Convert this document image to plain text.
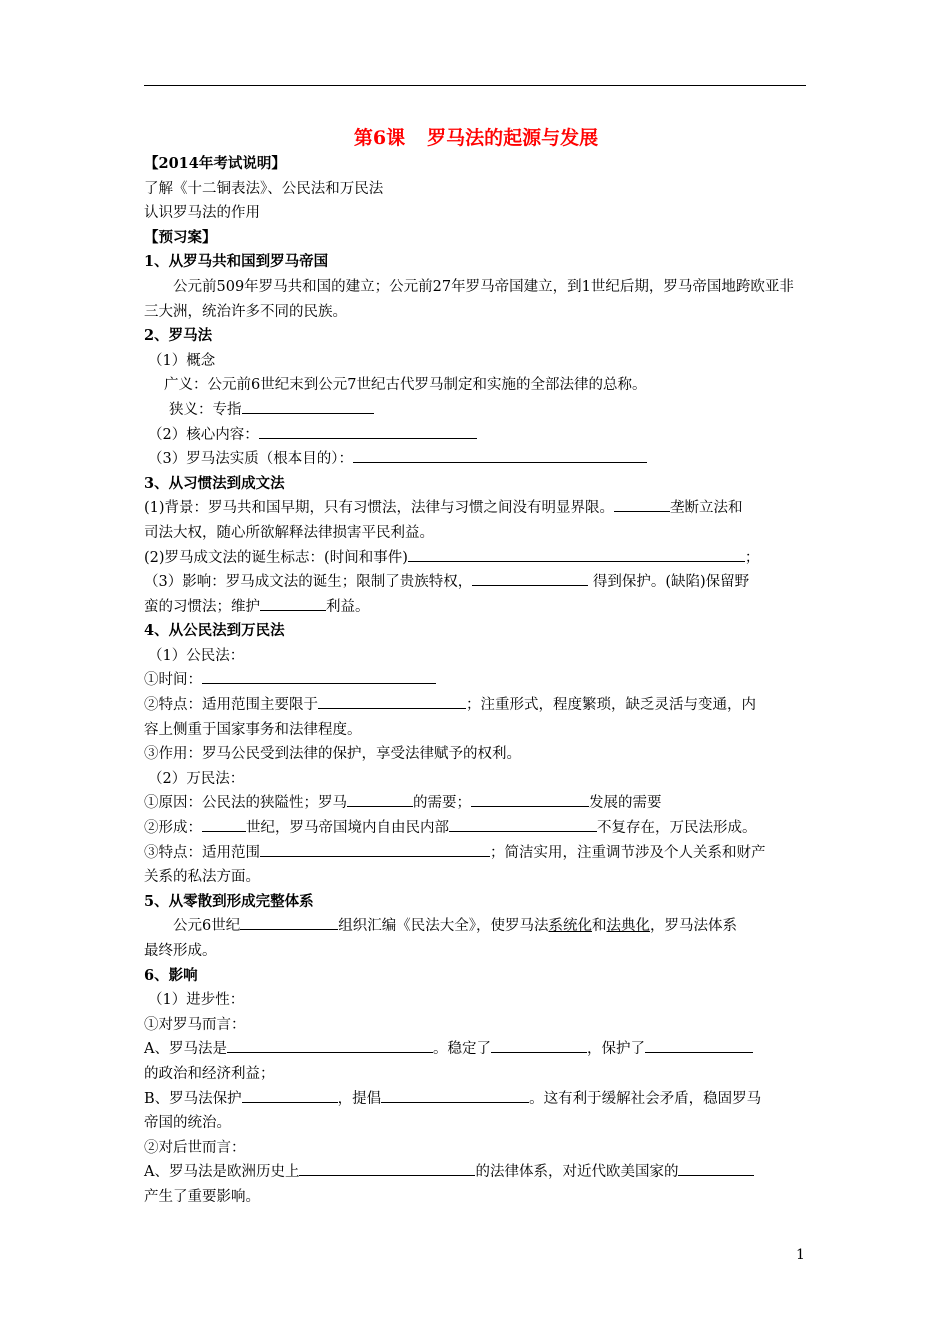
第6课 罗马法的起源与发展

【2014年考试说明】

了解《十二铜表法》、公民法和万民法

认识罗马法的作用

【预习案】

1、从罗马共和国到罗马帝国

公元前509年罗马共和国的建立；公元前27年罗马帝国建立，到1世纪后期，罗马帝国地跨欧亚非三大洲，统治许多不同的民族。

2、罗马法

（1）概念

广义：公元前6世纪末到公元7世纪古代罗马制定和实施的全部法律的总称。

狭义：专指

（2）核心内容：

（3）罗马法实质（根本目的）：

3、从习惯法到成文法

(1)背景：罗马共和国早期，只有习惯法，法律与习惯之间没有明显界限。	垄断立法和

司法大权，随心所欲解释法律损害平民利益。

(2)罗马成文法的诞生标志：(时间和事件)	；

（3）影响：罗马成文法的诞生；限制了贵族特权，	得到保护。(缺陷)保留野

蛮的习惯法；维护	利益。

4、从公民法到万民法

（1）公民法：

①时间：

②特点：适用范围主要限于	；注重形式，程度繁琐，缺乏灵活与变通，内

容上侧重于国家事务和法律程度。

③作用：罗马公民受到法律的保护，享受法律赋予的权利。

（2）万民法：

①原因：公民法的狭隘性；罗马	的需要；	发展的需要

②形成：	世纪，罗马帝国境内自由民内部	不复存在，万民法形成。

③特点：适用范围	；简洁实用，注重调节涉及个人关系和财产

关系的私法方面。

5、从零散到形成完整体系

公元6世纪	组织汇编《民法大全》，使罗马法系统化和法典化，罗马法体系

最终形成。

6、影响

（1）进步性：

①对罗马而言：

A、罗马法是	。稳定了	，保护了

的政治和经济利益；

B、罗马法保护	，提倡	。这有利于缓解社会矛盾，稳固罗马

帝国的统治。

②对后世而言：

A、罗马法是欧洲历史上	的法律体系，对近代欧美国家的

产生了重要影响。

1
